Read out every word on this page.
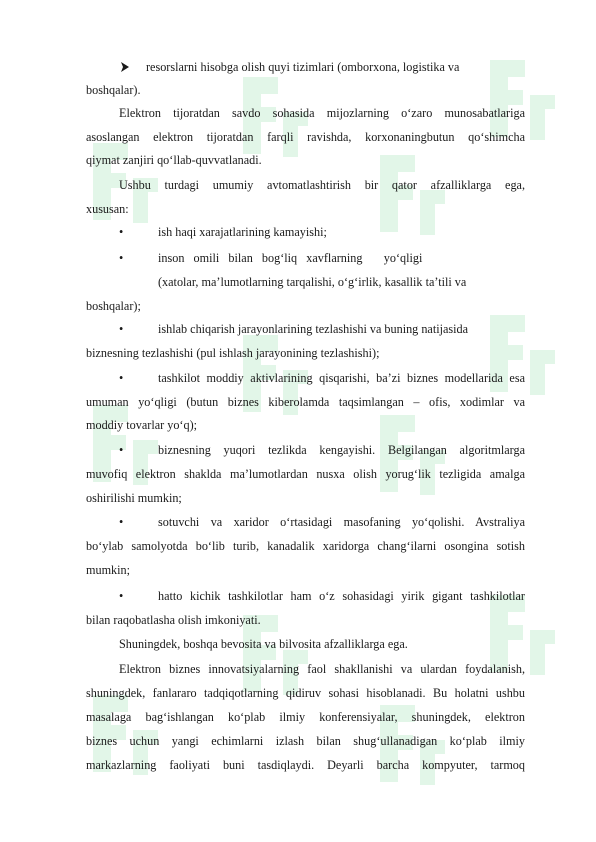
resorslarni hisobga olish quyi tizimlari (omborxona, logistika va
boshqalar).
Elektron tijoratdan savdo sohasida mijozlarning o‘zaro munosabatlariga
asoslangan elektron tijoratdan farqli ravishda, korxonaningbutun qo‘shimcha
qiymat zanjiri qo‘llab-quvvatlanadi.
Ushbu turdagi umumiy avtomatlashtirish bir qator afzalliklarga ega,
xususan:
•	ish haqi xarajatlarining kamayishi;
•	inson   omili   bilan   bog‘liq   xavflarning       yo‘qligi
(xatolar, ma’lumotlarning tarqalishi, o‘g‘irlik, kasallik ta’tili va
boshqalar);
•	ishlab chiqarish jarayonlarining tezlashishi va buning natijasida
biznesning tezlashishi (pul ishlash jarayonining tezlashishi);
•	tashkilot moddiy aktivlarining qisqarishi, ba’zi biznes modellarida esa
umuman yo‘qligi (butun biznes kiberolamda taqsimlangan – ofis, xodimlar va
moddiy tovarlar yo‘q);
•	biznesning yuqori tezlikda kengayishi. Belgilangan algoritmlarga
muvofiq elektron shaklda ma’lumotlardan nusxa olish yorug‘lik tezligida amalga
oshirilishi mumkin;
•	sotuvchi va xaridor o‘rtasidagi masofaning yo‘qolishi. Avstraliya
bo‘ylab samolyotda bo‘lib turib, kanadalik xaridorga chang‘ilarni osongina sotish
mumkin;
•	hatto kichik tashkilotlar ham o‘z sohasidagi yirik gigant tashkilotlar
bilan raqobatlasha olish imkoniyati.
Shuningdek, boshqa bevosita va bilvosita afzalliklarga ega.
Elektron biznes innovatsiyalarning faol shakllanishi va ulardan foydalanish,
shuningdek, fanlararo tadqiqotlarning qidiruv sohasi hisoblanadi. Bu holatni ushbu
masalaga bag‘ishlangan ko‘plab ilmiy konferensiyalar, shuningdek, elektron
biznes uchun yangi echimlarni izlash bilan shug‘ullanadigan ko‘plab ilmiy
markazlarning faoliyati buni tasdiqlaydi. Deyarli barcha kompyuter, tarmoq
